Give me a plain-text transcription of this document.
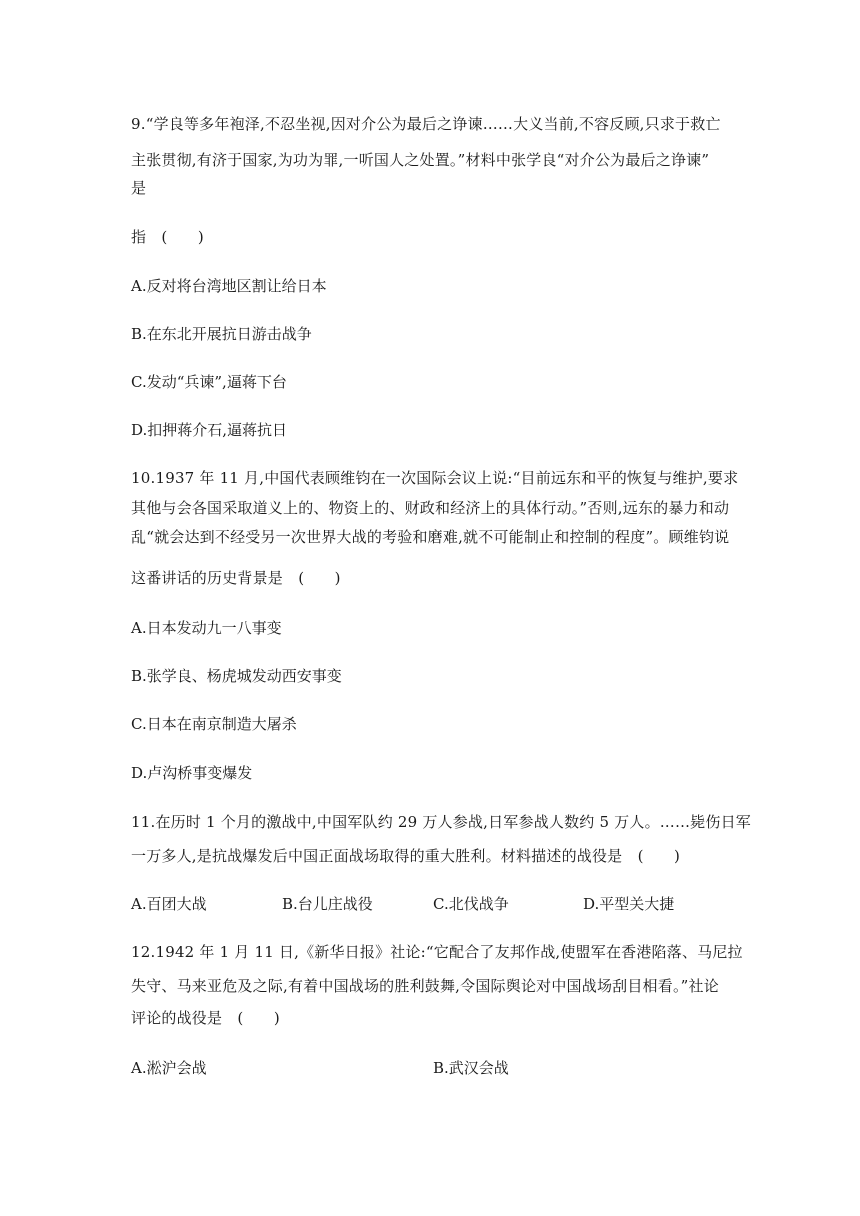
9.“学良等多年袍泽,不忍坐视,因对介公为最后之诤谏……大义当前,不容反顾,只求于救亡
主张贯彻,有济于国家,为功为罪,一听国人之处置。”材料中张学良“对介公为最后之诤谏”
是
指　(　　)
A.反对将台湾地区割让给日本
B.在东北开展抗日游击战争
C.发动“兵谏”,逼蒋下台
D.扣押蒋介石,逼蒋抗日
10.1937 年 11 月,中国代表顾维钧在一次国际会议上说:“目前远东和平的恢复与维护,要求
其他与会各国采取道义上的、物资上的、财政和经济上的具体行动。”否则,远东的暴力和动
乱“就会达到不经受另一次世界大战的考验和磨难,就不可能制止和控制的程度”。顾维钧说
这番讲话的历史背景是　(　　)
A.日本发动九一八事变
B.张学良、杨虎城发动西安事变
C.日本在南京制造大屠杀
D.卢沟桥事变爆发
11.在历时 1 个月的激战中,中国军队约 29 万人参战,日军参战人数约 5 万人。……毙伤日军
一万多人,是抗战爆发后中国正面战场取得的重大胜利。材料描述的战役是　(　　)
A.百团大战	B.台儿庄战役	C.北伐战争	D.平型关大捷
12.1942 年 1 月 11 日,《新华日报》社论:“它配合了友邦作战,使盟军在香港陷落、马尼拉
失守、马来亚危及之际,有着中国战场的胜利鼓舞,令国际舆论对中国战场刮目相看。”社论
评论的战役是　(　　)
A.淞沪会战	B.武汉会战
